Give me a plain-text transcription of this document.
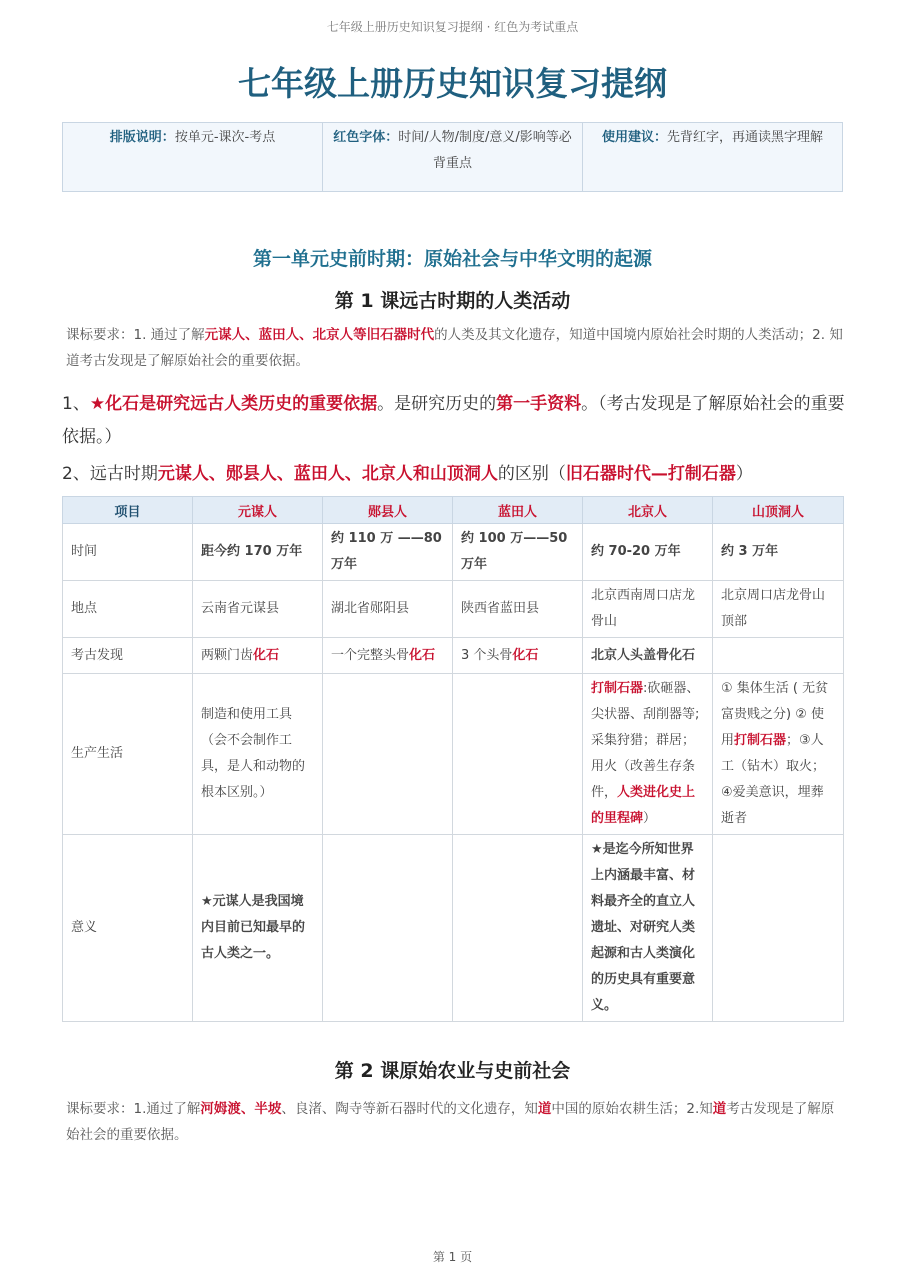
七年级上册历史知识复习提纲 · 红色为考试重点
七年级上册历史知识复习提纲
排版说明：按单元-课次-考点	红色字体：时间/人物/制度/意义/影响等必背重点	使用建议：先背红字，再通读黑字理解
第一单元史前时期：原始社会与中华文明的起源
第 1 课远古时期的人类活动
课标要求：1. 通过了解元谋人、蓝田人、北京人等旧石器时代的人类及其文化遗存，知道中国境内原始社会时期的人类活动；2. 知道考古发现是了解原始社会的重要依据。
1、★化石是研究远古人类历史的重要依据。是研究历史的第一手资料。（考古发现是了解原始社会的重要依据。）
2、远古时期元谋人、郧县人、蓝田人、北京人和山顶洞人的区别（旧石器时代—打制石器）
项目	元谋人	郧县人	蓝田人	北京人	山顶洞人
时间	距今约 170 万年	约 110 万 ——80 万年	约 100 万——50 万年	约 70-20 万年	约 3 万年
地点	云南省元谋县	湖北省郧阳县	陕西省蓝田县	北京西南周口店龙骨山	北京周口店龙骨山顶部
考古发现	两颗门齿化石	一个完整头骨化石	3 个头骨化石	北京人头盖骨化石	
生产生活	制造和使用工具（会不会制作工具，是人和动物的根本区别。）			打制石器:砍砸器、尖状器、刮削器等;采集狩猎；群居；用火（改善生存条件，人类进化史上的里程碑）	① 集体生活 ( 无贫富贵贱之分) ② 使用打制石器；③人工（钻木）取火；④爱美意识，埋葬逝者
意义	★元谋人是我国境内目前已知最早的古人类之一。			★是迄今所知世界上内涵最丰富、材料最齐全的直立人遗址、对研究人类起源和古人类演化的历史具有重要意义。	
第 2 课原始农业与史前社会
课标要求：1.通过了解河姆渡、半坡、良渚、陶寺等新石器时代的文化遗存，知道中国的原始农耕生活；2.知道考古发现是了解原始社会的重要依据。
第 1 页
